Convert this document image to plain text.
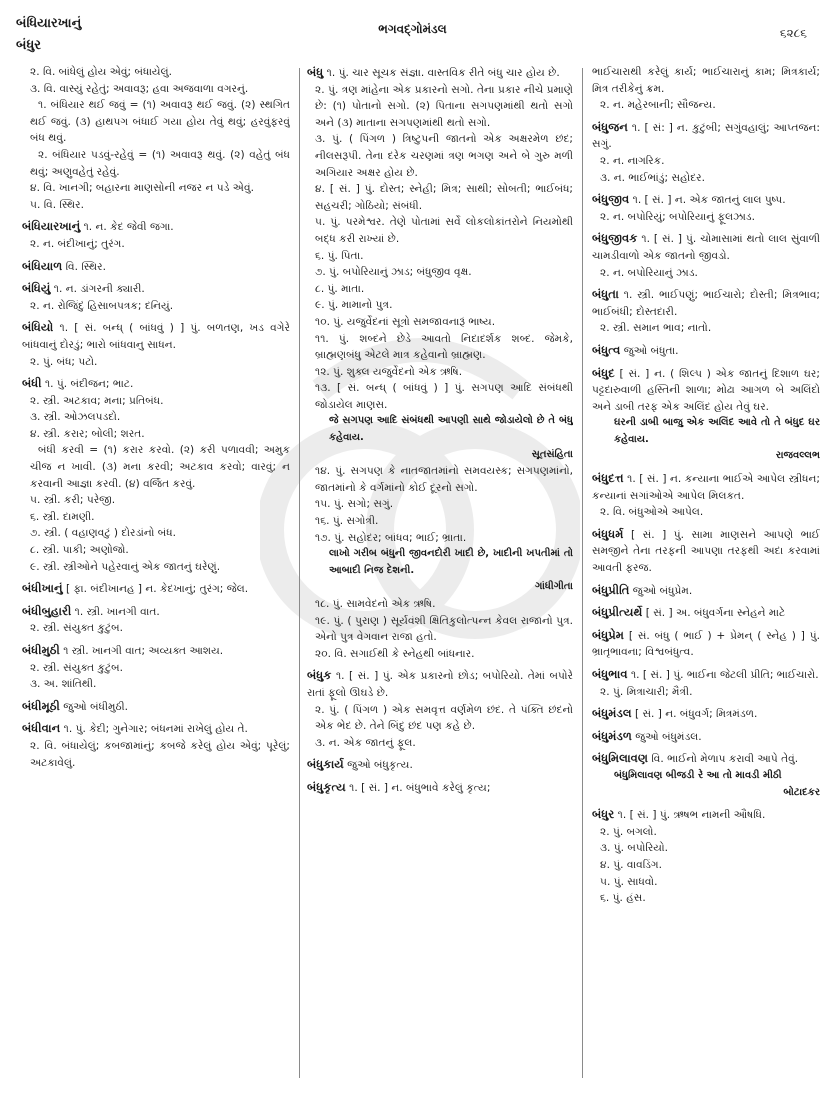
બંધિયારખાનું
બંધુર
ભગવદ્ગોમંડલ	૬૨૮૬
૨. વિ. બાંધેલું હોય એવું; બંધાયેલું.
૩. વિ. વાસ્યું રહેતું; અવાવરૂ; હવા અજવાળા વગરનું.
૧. બંધિયાર થઈ જવું = (૧) અવાવરૂ થઈ જવું. (૨) સ્થગિત થઈ જવું. (૩) હાથપગ બંધાઈ ગયા હોય તેવું થવું; હરવુંફરવું બંધ થવું.
૨. બંધિયાર પડવું-રહેવું = (૧) અવાવરૂ થવું. (૨) વહેતું બંધ થવું; અણુવહેતું રહેવું.
૪. વિ. ખાનગી; બહારના માણસોની નજર ન પડે એવું.
૫. વિ. સ્થિર.
બંધિયારખાનું ૧. ન. કેદ જેવી જગા.
૨. ન. બંદીખાનું; તુરંગ.
બંધિયાળ વિ. સ્થિર.
બંધિયું ૧. ન. ડાંગરની ક્યારી.
૨. ન. રોજિંદું હિસાબપત્રક; દનિયું.
બંધિયો ૧. [ સં. બન્ધ્ ( બાંધવું ) ] પું. બળતણ, ખડ વગેરે બાંધવાનું દોરડું; ભારો બાંધવાનુ સાધન.
૨. પું. બંધ; પટો.
બંધી ૧. પું. બંદીજન; ભાટ.
૨. સ્ત્રી. અટકાવ; મના; પ્રતિબંધ.
૩. સ્ત્રી. ઓઝલપડદો.
૪. સ્ત્રી. કરાર; બોલી; શરત.
બંધી કરવી = (૧) કરાર કરવો. (૨) કરી પળાવવી; અમુક ચીજ ન ખાવી. (૩) મના કરવી; અટકાવ કરવો; વારવું; ન કરવાની આજ્ઞા કરવી. (૪) વર્જિત કરવું.
૫. સ્ત્રી. કરી; પરેજી.
૬. સ્ત્રી. દામણી.
૭. સ્ત્રી. ( વહાણવટું ) દોરડાંનો બંધ.
૮. સ્ત્રી. પાકી; અણોજો.
૯. સ્ત્રી. સ્ત્રીઓને પહેરવાનું એક જાતનું ઘરેણું.
બંધીખાનું [ ફા. બંદીખાનહ ] ન. કેદખાનું; તુરંગ; જેલ.
બંધીબુહારી ૧. સ્ત્રી. ખાનગી વાત.
૨. સ્ત્રી. સંયુક્ત કુટુંબ.
બંધીમુઠી ૧ સ્ત્રી. ખાનગી વાત; અવ્યક્ત આશય.
૨. સ્ત્રી. સંયુક્ત કુટુંબ.
૩. અ. શાંતિથી.
બંધીમૂઠી જુઓ બંધીમુઠી.
બંધીવાન ૧. પું. કેદી; ગુનેગાર; બંધનમાં રાખેલું હોય તે.
૨. વિ. બંધાયેલું; કબજામાંનું; કબજે કરેલું હોય એવું; પૂરેલું; અટકાવેલું.
બંધુ ૧. પું. ચાર સૂચક સંજ્ઞા. વાસ્તવિક રીતે બંધુ ચાર હોય છે.
૨. પું. ત્રણ માંહેના એક પ્રકારનો સગો. તેના પ્રકાર નીચે પ્રમાણે છે: (૧) પોતાનો સગો. (૨) પિતાના સગપણમાંથી થતો સગો અને (૩) માતાના સગપણમાંથી થતો સગો.
૩. પું. ( પિંગળ ) ત્રિષ્ટુપની જાતનો એક અક્ષરમેળ છંદ; નીલસરૂપી. તેના દરેક ચરણમાં ત્રણ ભગણ અને બે ગુરુ મળી અગિયાર અક્ષર હોય છે.
૪. [ સં. ] પું. દોસ્ત; સ્નેહી; મિત્ર; સાથી; સોબતી; ભાઈબંધ; સહચરી; ગોઠિયો; સંબંધી.
૫. પું. પરમેશ્વર. તેણે પોતામાં સર્વે લોકલોકાંતરોને નિયમોથી બદ્ધ કરી રાખ્યાં છે.
૬. પું. પિતા.
૭. પું. બપોરિયાનું ઝાડ; બંધુજીવ વૃક્ષ.
૮. પું. માતા.
૯. પું. મામાનો પુત્ર.
૧૦. પું. યજુર્વેદનાં સૂત્રો સમજાવનારૂં ભાષ્ય.
૧૧. પું. શબ્દને છેડે આવતો નિદાદર્શક શબ્દ. જેમકે, બ્રાહ્મણબંધુ એટલે માત્ર કહેવાનો બ્રાહ્મણ.
૧૨. પું. શુક્લ યજુર્વેદનો એક ઋષિ.
૧૩. [ સં. બન્ધ્ ( બાંધવું ) ] પું. સગપણ આદિ સંબંધથી જોડાયેલ માણસ.
જે સગપણ આદિ સંબંધથી આપણી સાથે જોડાયેલો છે તે બંધુ કહેવાય.
સૂતસંહિતા
૧૪. પું. સગપણ કે નાતજાતમાંનો સમવયસ્ક; સગપણમાંનો, જાતમાંનો કે વર્ગમાંનો કોઈ દૂરનો સગો.
૧૫. પું. સગો; સગું.
૧૬. પું. સગોત્રી.
૧૭. પું. સહોદર; બાંધવ; ભાઈ; ભ્રાતા.
લાખો ગરીબ બંધુની જીવનદોરી ખાદી છે, ખાદીની ખપતીમાં તો આબાદી નિજ દેશની.
ગાંધીગીતા
૧૮. પું. સામવેદનો એક ઋષિ.
૧૯. પું. ( પુરાણ ) સૂર્યવંશી ક્ષિતિકુલોત્પન્ન કેવલ રાજાનો પુત્ર. એનો પુત્ર વેગવાન રાજા હતો.
૨૦. વિ. સગાઈથી કે સ્નેહથી બાંધનાર.
બંધુક ૧. [ સં. ] પું. એક પ્રકારનો છોડ; બપોરિયો. તેમાં બપોરે રાતાં ફૂલો ઊઘડે છે.
૨. પું. ( પિંગળ ) એક સમવૃત્ત વર્ણમેળ છંદ. તે પંક્તિ છંદનો એક ભેદ છે. તેને બિંદુ છંદ પણ કહે છે.
૩. ન. એક જાતનું ફૂલ.
બંધુકાર્ય જુઓ બંધુકૃત્ય.
બંધુકૃત્ય ૧. [ સં. ] ન. બંધુભાવે કરેલું કૃત્ય;
ભાઈચારાથી કરેલું કાર્ય; ભાઈચારાનું કામ; મિત્રકાર્ય; મિત્ર તરીકેનું ક્રમ.
૨. ન. મહેરબાની; સૌજન્ય.
બંધુજન ૧. [ સં: ] ન. કુટુંબી; સગુંવહાલું; આપ્તજન: સગું.
૨. ન. નાગરિક.
૩. ન. ભાઈભાંડું; સહોદર.
બંધુજીવ ૧. [ સં. ] ન. એક જાતનું લાલ પુષ્પ.
૨. ન. બપોરિયું; બપોરિયાનું ફૂલઝાડ.
બંધુજીવક ૧. [ સં. ] પું. ચોમાસામાં થતો લાલ સુંવાળી ચામડીવાળો એક જાતનો જીવડો.
૨. ન. બપોરિયાનું ઝાડ.
બંધુતા ૧. સ્ત્રી. ભાઈપણું; ભાઈચારો; દોસ્તી; મિત્રભાવ; ભાઈબંધી; દોસ્તદારી.
૨. સ્ત્રી. સમાન ભાવ; નાતો.
બંધુત્વ જુઓ બંધુતા.
બંધુદ [ સં. ] ન. ( શિલ્પ ) એક જાતનું દિશાળ ઘર; પટ્ટદારુવાળી હસ્તિની શાળા; મોઢા આગળ બે અલિંદો અને ડાબી તરફ એક અલિંદ હોય તેવું ઘર.
ઘરની ડાબી બાજુ એક અલિંદ આવે તો તે બંધુદ ઘર કહેવાય.
રાજવલ્લભ
બંધુદત્ત ૧. [ સં. ] ન. કન્યાના ભાઈએ આપેલ સ્ત્રીધન; કન્યાનાં સગાંઓએ આપેલ મિલકત.
૨. વિ. બંધુઓએ આપેલ.
બંધુધર્મ [ સં. ] પું. સામા માણસને આપણે ભાઈ સમજીને તેના તરફની આપણા તરફથી અદા કરવામાં આવતી ફરજ.
બંધુપ્રીતિ જુઓ બંધુપ્રેમ.
બંધુપ્રીત્યર્થે [ સં. ] અ. બંધુવર્ગના સ્નેહને માટે
બંધુપ્રેમ [ સં. બંધુ ( ભાઈ ) + પ્રેમન્ ( સ્નેહ ) ] પું. ભ્રાતૃભાવના; વિશ્વબંધુત્વ.
બંધુભાવ ૧. [ સં. ] પું. ભાઈના જેટલી પ્રીતિ; ભાઈચારો.
૨. પું. મિત્રાચારી; મૈત્રી.
બંધુમંડલ [ સં. ] ન. બંધુવર્ગ; મિત્રમંડળ.
બંધુમંડળ જુઓ બંધુમંડલ.
બંધુમિલાવણ વિ. ભાઈનો મેળાપ કરાવી આપે તેવું.
બંધુમિલાવણ બીજડી રે આ તો માવડી મીઠી
બોટાદકર
બંધુર ૧. [ સં. ] પું. ઋષભ નામની ઔષધિ.
૨. પું. બગલો.
૩. પું. બપોરિયો.
૪. પું. વાવડિંગ.
૫. પું. સાધવો.
૬. પું. હંસ.
